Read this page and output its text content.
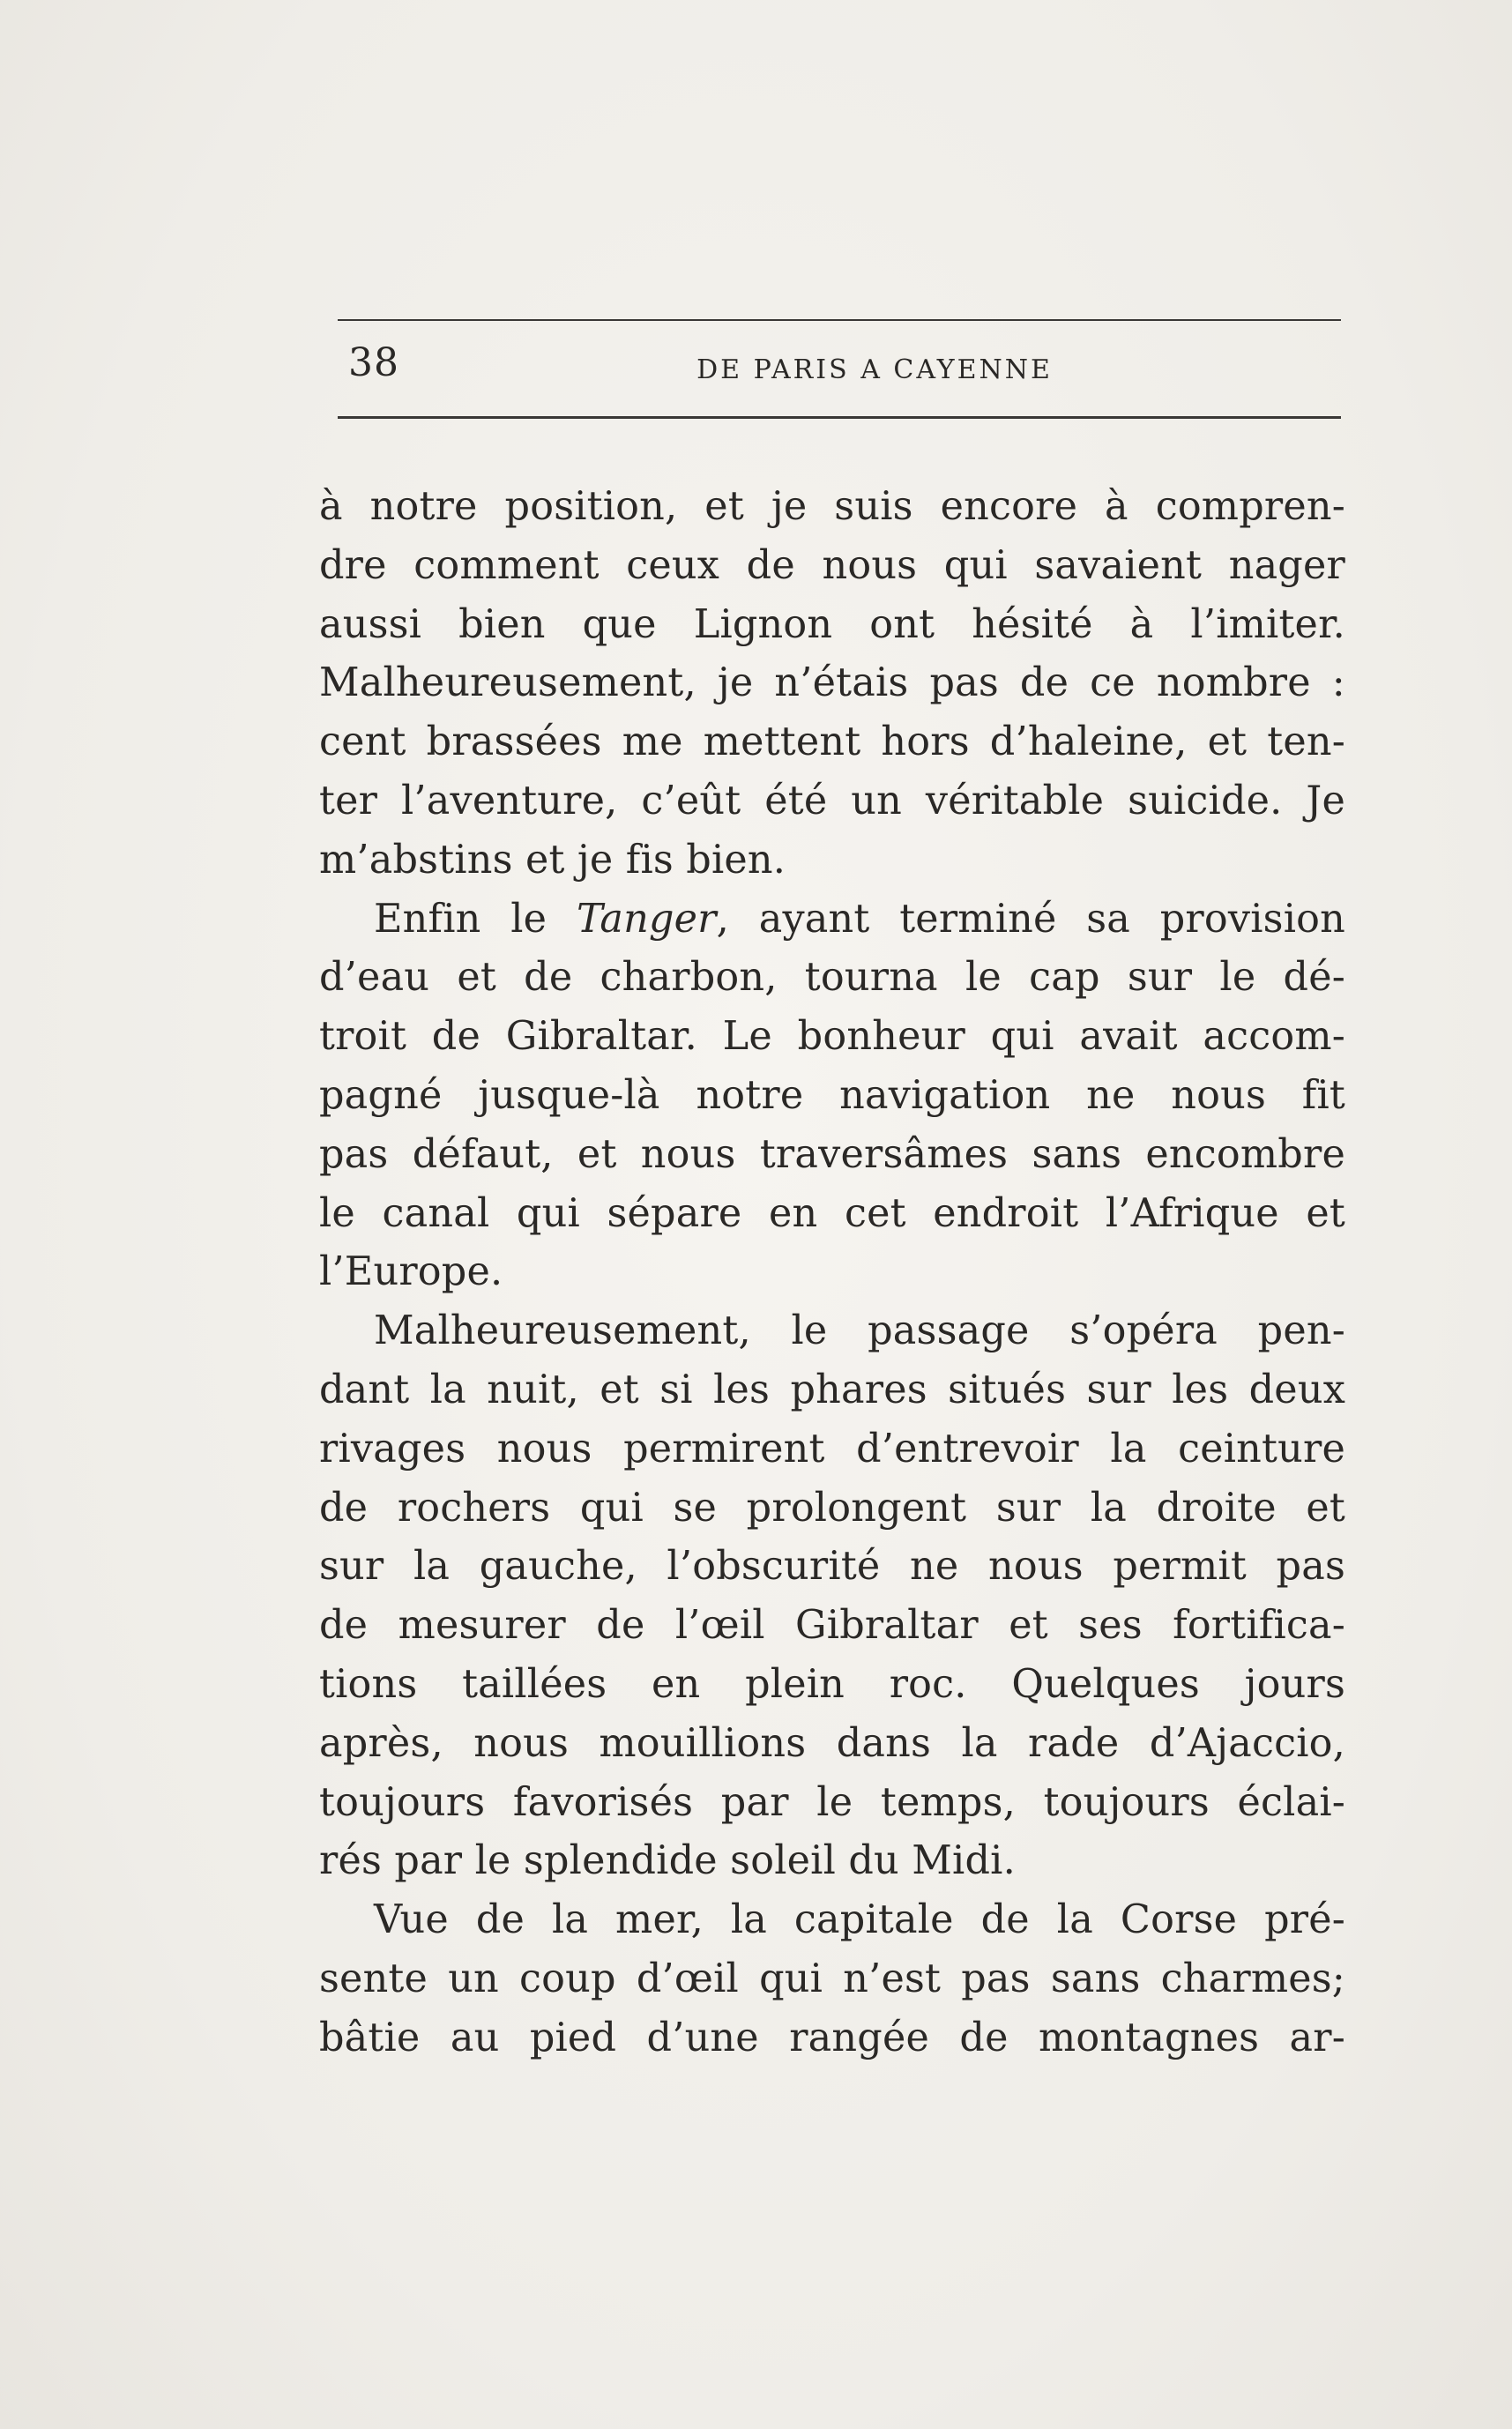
38	DE PARIS A CAYENNE
à notre position, et je suis encore à compren-
dre comment ceux de nous qui savaient nager
aussi bien que Lignon ont hésité à l’imiter.
Malheureusement, je n’étais pas de ce nombre :
cent brassées me mettent hors d’haleine, et ten-
ter l’aventure, c’eût été un véritable suicide. Je
m’abstins et je fis bien.
Enfin le Tanger, ayant terminé sa provision
d’eau et de charbon, tourna le cap sur le dé-
troit de Gibraltar. Le bonheur qui avait accom-
pagné jusque-là notre navigation ne nous fit
pas défaut, et nous traversâmes sans encombre
le canal qui sépare en cet endroit l’Afrique et
l’Europe.
Malheureusement, le passage s’opéra pen-
dant la nuit, et si les phares situés sur les deux
rivages nous permirent d’entrevoir la ceinture
de rochers qui se prolongent sur la droite et
sur la gauche, l’obscurité ne nous permit pas
de mesurer de l’œil Gibraltar et ses fortifica-
tions taillées en plein roc. Quelques jours
après, nous mouillions dans la rade d’Ajaccio,
toujours favorisés par le temps, toujours éclai-
rés par le splendide soleil du Midi.
Vue de la mer, la capitale de la Corse pré-
sente un coup d’œil qui n’est pas sans charmes;
bâtie au pied d’une rangée de montagnes ar-
